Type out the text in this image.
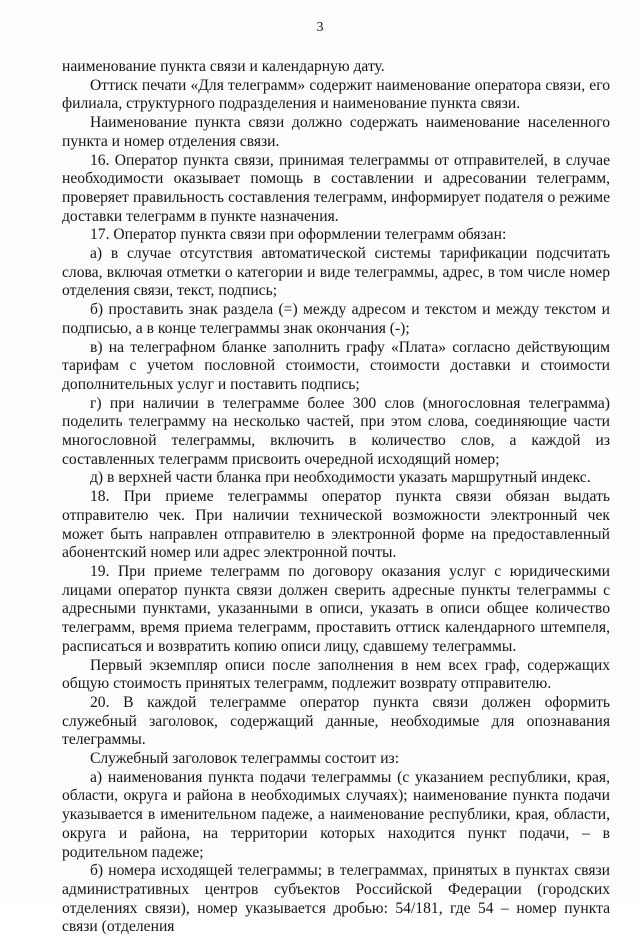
3

наименование пункта связи и календарную дату.

Оттиск печати «Для телеграмм» содержит наименование оператора связи, его филиала, структурного подразделения и наименование пункта связи.

Наименование пункта связи должно содержать наименование населенного пункта и номер отделения связи.

16. Оператор пункта связи, принимая телеграммы от отправителей, в случае необходимости оказывает помощь в составлении и адресовании телеграмм, проверяет правильность составления телеграмм, информирует подателя о режиме доставки телеграмм в пункте назначения.

17. Оператор пункта связи при оформлении телеграмм обязан:

а) в случае отсутствия автоматической системы тарификации подсчитать слова, включая отметки о категории и виде телеграммы, адрес, в том числе номер отделения связи, текст, подпись;

б) проставить знак раздела (=) между адресом и текстом и между текстом и подписью, а в конце телеграммы знак окончания (-);

в) на телеграфном бланке заполнить графу «Плата» согласно действующим тарифам с учетом пословной стоимости, стоимости доставки и стоимости дополнительных услуг и поставить подпись;

г) при наличии в телеграмме более 300 слов (многословная телеграмма) поделить телеграмму на несколько частей, при этом слова, соединяющие части многословной телеграммы, включить в количество слов, а каждой из составленных телеграмм присвоить очередной исходящий номер;

д) в верхней части бланка при необходимости указать маршрутный индекс.

18. При приеме телеграммы оператор пункта связи обязан выдать отправителю чек. При наличии технической возможности электронный чек может быть направлен отправителю в электронной форме на предоставленный абонентский номер или адрес электронной почты.

19. При приеме телеграмм по договору оказания услуг с юридическими лицами оператор пункта связи должен сверить адресные пункты телеграммы с адресными пунктами, указанными в описи, указать в описи общее количество телеграмм, время приема телеграмм, проставить оттиск календарного штемпеля, расписаться и возвратить копию описи лицу, сдавшему телеграммы.

Первый экземпляр описи после заполнения в нем всех граф, содержащих общую стоимость принятых телеграмм, подлежит возврату отправителю.

20. В каждой телеграмме оператор пункта связи должен оформить служебный заголовок, содержащий данные, необходимые для опознавания телеграммы.

Служебный заголовок телеграммы состоит из:

а) наименования пункта подачи телеграммы (с указанием республики, края, области, округа и района в необходимых случаях); наименование пункта подачи указывается в именительном падеже, а наименование республики, края, области, округа и района, на территории которых находится пункт подачи, – в родительном падеже;

б) номера исходящей телеграммы; в телеграммах, принятых в пунктах связи административных центров субъектов Российской Федерации (городских отделениях связи), номер указывается дробью: 54/181, где 54 – номер пункта связи (отделения
